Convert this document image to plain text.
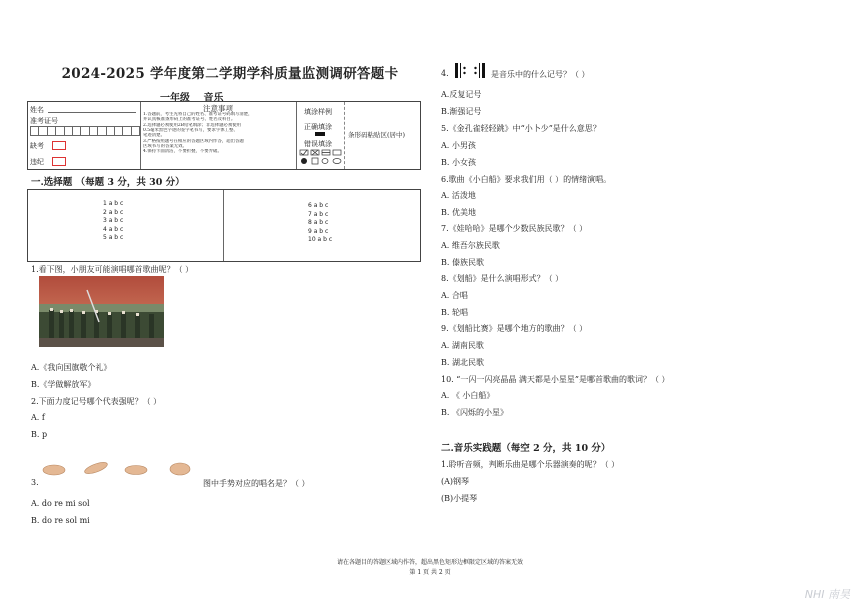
2024-2025 学年度第二学期学科质量监测调研答题卡
一年级 音乐
姓名
准考证号
缺考
违纪
注意事项
1.答题前，考生先将自己的姓名、准考证号码填写清楚，
并认真核准条形码上的准考证号、姓名及科目。
2.选择题必须使用2B铅笔填涂；非选择题必须使用
0.5毫米黑色字迹的签字笔书写，要求字体工整、
笔迹清楚。
3.严格按照题号在相应的答题区域内作答，超出答题
区域书写的答案无效。
4.保持卡面清洁，不要折叠，不要弄破。
填涂样例
正确填涂
错误填涂
条形码粘贴区(居中)
一.选择题 （每题 3 分，共 30 分）
1 a b c
2 a b c
3 a b c
4 a b c
5 a b c
6 a b c
7 a b c
8 a b c
9 a b c
10 a b c
1.看下图，小朋友可能演唱哪首歌曲呢？（ ）
A.《我向国旗敬个礼》
B.《学做解放军》
2.下面力度记号哪个代表强呢？（ ）
A. f
B. p
3.	图中手势对应的唱名是？（ ）
A. do re mi sol
B. do re sol mi
4.	是音乐中的什么记号？（ ）
A.反复记号
B.渐强记号
5.《金孔雀轻轻跳》中“小卜少”是什么意思？
A. 小男孩
B. 小女孩
6.歌曲《小白船》要求我们用（ ）的情绪演唱。
A. 活泼地
B. 优美地
7.《娃哈哈》是哪个少数民族民歌？（ ）
A. 维吾尔族民歌
B. 傣族民歌
8.《划船》是什么演唱形式？（ ）
A. 合唱
B. 轮唱
9.《划船比赛》是哪个地方的歌曲？（ ）
A. 湖南民歌
B. 湖北民歌
10. “一闪一闪亮晶晶 满天都是小星星”是哪首歌曲的歌词？（ ）
A. 《 小白船》
B. 《闪烁的小星》
二.音乐实践题（每空 2 分，共 10 分）
1.聆听音频，判断乐曲是哪个乐器演奏的呢？（ ）
(A)钢琴
(B)小提琴
请在各题目的答题区域内作答，超出黑色矩形边框限定区域的答案无效
第 1 页 共 2 页
NHI 南昊
